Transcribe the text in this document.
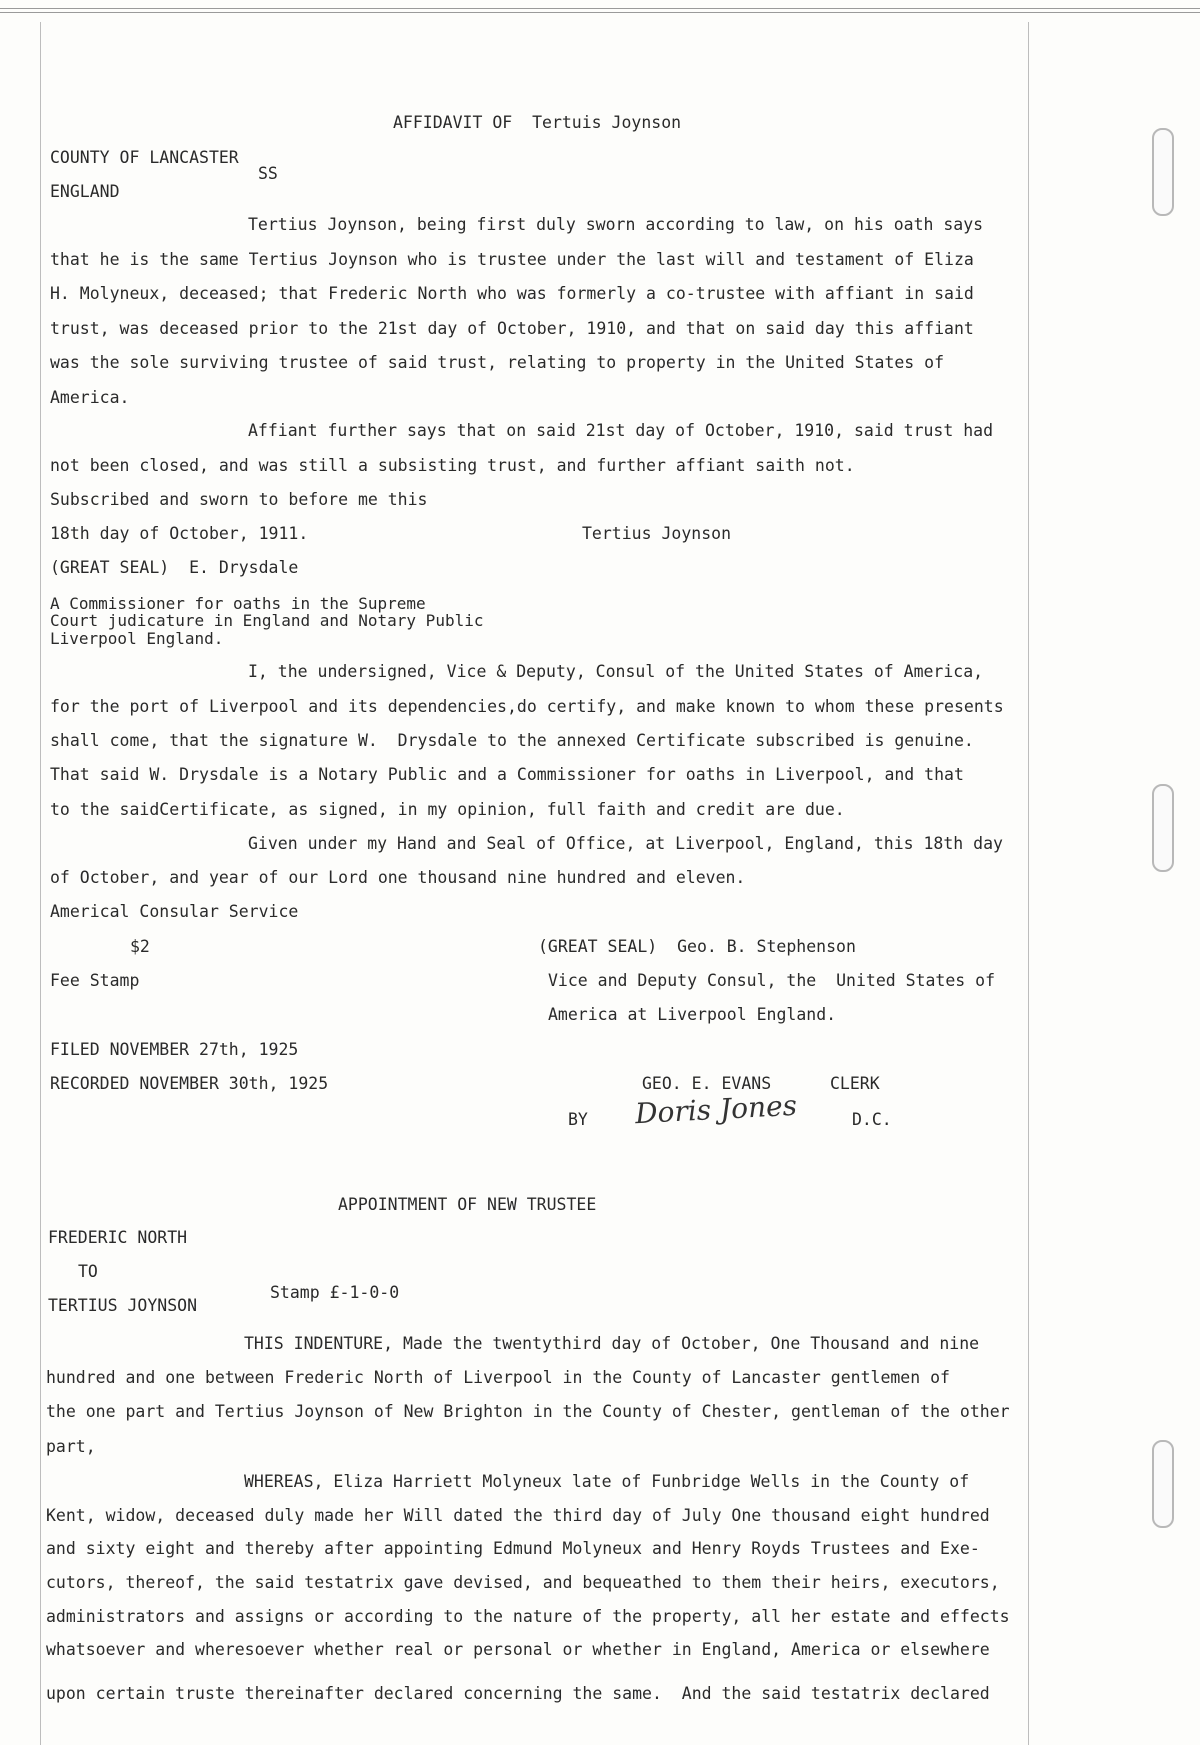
AFFIDAVIT OF  Tertuis Joynson

COUNTY OF LANCASTER

SS

ENGLAND

Tertius Joynson, being first duly sworn according to law, on his oath says

that he is the same Tertius Joynson who is trustee under the last will and testament of Eliza

H. Molyneux, deceased; that Frederic North who was formerly a co-trustee with affiant in said

trust, was deceased prior to the 21st day of October, 1910, and that on said day this affiant

was the sole surviving trustee of said trust, relating to property in the United States of

America.

Affiant further says that on said 21st day of October, 1910, said trust had

not been closed, and was still a subsisting trust, and further affiant saith not.

Subscribed and sworn to before me this

18th day of October, 1911.	Tertius Joynson

(GREAT SEAL)  E. Drysdale

A Commissioner for oaths in the Supreme

Court judicature in England and Notary Public

Liverpool England.

I, the undersigned, Vice & Deputy, Consul of the United States of America,

for the port of Liverpool and its dependencies,do certify, and make known to whom these presents

shall come, that the signature W.  Drysdale to the annexed Certificate subscribed is genuine.

That said W. Drysdale is a Notary Public and a Commissioner for oaths in Liverpool, and that

to the saidCertificate, as signed, in my opinion, full faith and credit are due.

Given under my Hand and Seal of Office, at Liverpool, England, this 18th day

of October, and year of our Lord one thousand nine hundred and eleven.

Americal Consular Service

$2	(GREAT SEAL)  Geo. B. Stephenson

Fee Stamp	Vice and Deputy Consul, the  United States of

America at Liverpool England.

FILED NOVEMBER 27th, 1925

RECORDED NOVEMBER 30th, 1925	GEO. E. EVANS	CLERK

BY Doris Jones	D.C.

APPOINTMENT OF NEW TRUSTEE

FREDERIC NORTH

TO

Stamp £-1-0-0

TERTIUS JOYNSON

THIS INDENTURE, Made the twentythird day of October, One Thousand and nine

hundred and one between Frederic North of Liverpool in the County of Lancaster gentlemen of

the one part and Tertius Joynson of New Brighton in the County of Chester, gentleman of the other

part,

WHEREAS, Eliza Harriett Molyneux late of Funbridge Wells in the County of

Kent, widow, deceased duly made her Will dated the third day of July One thousand eight hundred

and sixty eight and thereby after appointing Edmund Molyneux and Henry Royds Trustees and Exe-

cutors, thereof, the said testatrix gave devised, and bequeathed to them their heirs, executors,

administrators and assigns or according to the nature of the property, all her estate and effects

whatsoever and wheresoever whether real or personal or whether in England, America or elsewhere

upon certain truste thereinafter declared concerning the same.  And the said testatrix declared
